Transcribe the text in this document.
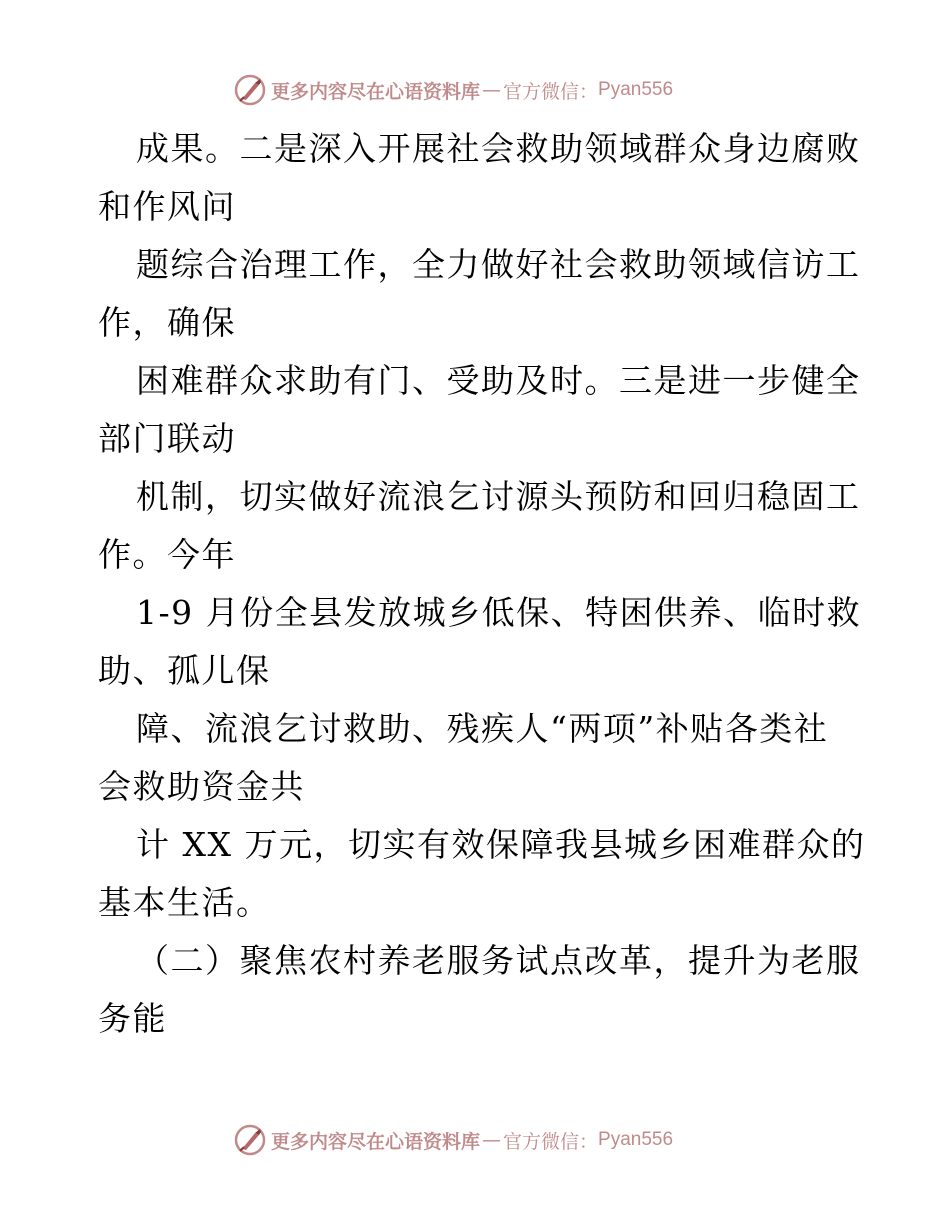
更多内容尽在心语资料库 — 官方微信： Pyan556
成果。二是深入开展社会救助领域群众身边腐败
和作风问
题综合治理工作，全力做好社会救助领域信访工
作，确保
困难群众求助有门、受助及时。三是进一步健全
部门联动
机制，切实做好流浪乞讨源头预防和回归稳固工
作。今年
1-9 月份全县发放城乡低保、特困供养、临时救
助、孤儿保
障、流浪乞讨救助、残疾人“两项”补贴各类社
会救助资金共
计 XX 万元，切实有效保障我县城乡困难群众的
基本生活。
（二）聚焦农村养老服务试点改革，提升为老服
务能
更多内容尽在心语资料库 — 官方微信： Pyan556
